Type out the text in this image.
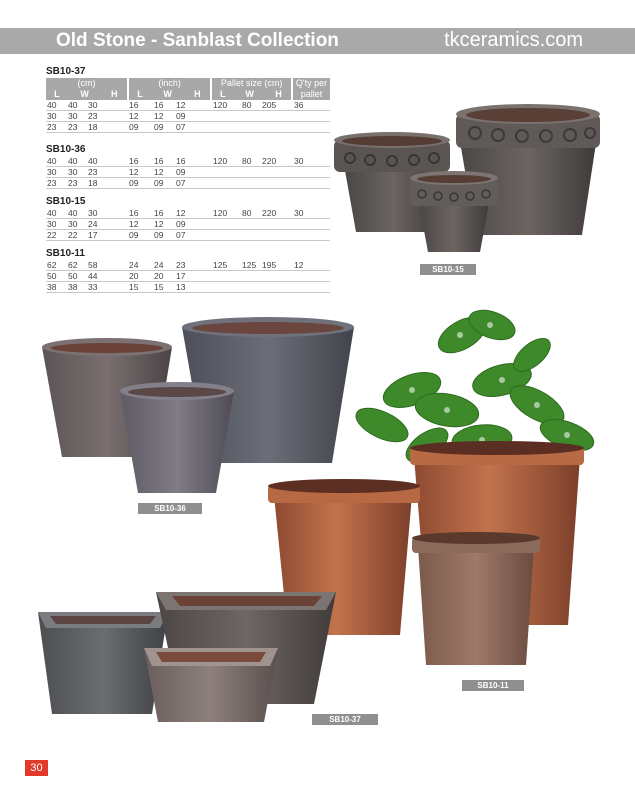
Old Stone - Sanblast Collection	tkceramics.com
SB10-37
(cm)				(inch)				Pallet size (cm)				Q'ty per
L	W	H		L	W	H		L	W	H		pallet
40	40	30	16	16	12	120	80	205	36
30	30	23	12	12	09				
23	23	18	09	09	07				
SB10-36
40	40	40	16	16	16	120	80	220	30
30	30	23	12	12	09				
23	23	18	09	09	07				
SB10-15
40	40	30	16	16	12	120	80	220	30
30	30	24	12	12	09				
22	22	17	09	09	07				
SB10-11
62	62	58	24	24	23	125	125	195	12
50	50	44	20	20	17				
38	38	33	15	15	13				
SB10-15
SB10-36
SB10-11
SB10-37
30
